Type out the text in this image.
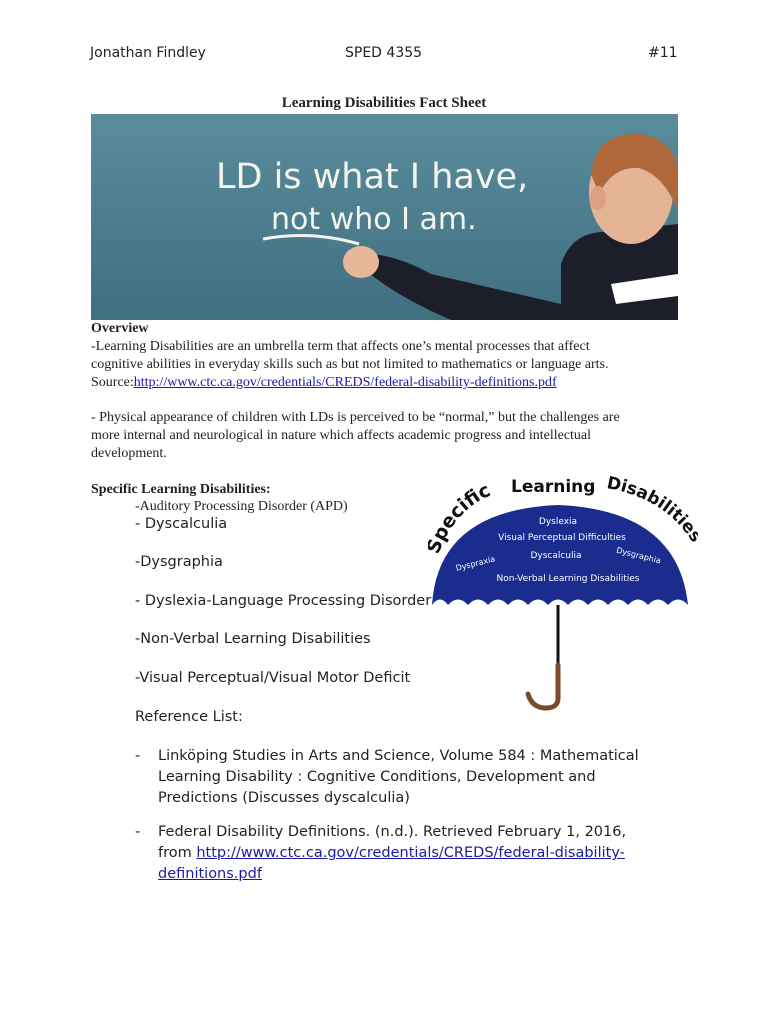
Jonathan Findley	SPED 4355	#11
Learning Disabilities Fact Sheet
LD is what I have,
not who I am.
Overview
-Learning Disabilities are an umbrella term that affects one’s mental processes that affect
cognitive abilities in everyday skills such as but not limited to mathematics or language arts.
Source:http://www.ctc.ca.gov/credentials/CREDS/federal-disability-definitions.pdf
- Physical appearance of children with LDs is perceived to be “normal,” but the challenges are
more internal and neurological in nature which affects academic progress and intellectual
development.
Specific Learning Disabilities:
-Auditory Processing Disorder (APD)
- Dyscalculia
-Dysgraphia
- Dyslexia-Language Processing Disorder
-Non-Verbal Learning Disabilities
-Visual Perceptual/Visual Motor Deficit
Specific Learning Disabilitie
Dyslexia
Visual Perceptual Difficulties
Dyspraxia	Dyscalculia	Dysgraphia
Non-Verbal Learning Disabilities
Reference List:
- Linköping Studies in Arts and Science, Volume 584 : Mathematical
Learning Disability : Cognitive Conditions, Development and
Predictions (Discusses dyscalculia)
- Federal Disability Definitions. (n.d.). Retrieved February 1, 2016,
from http://www.ctc.ca.gov/credentials/CREDS/federal-disability-
definitions.pdf
